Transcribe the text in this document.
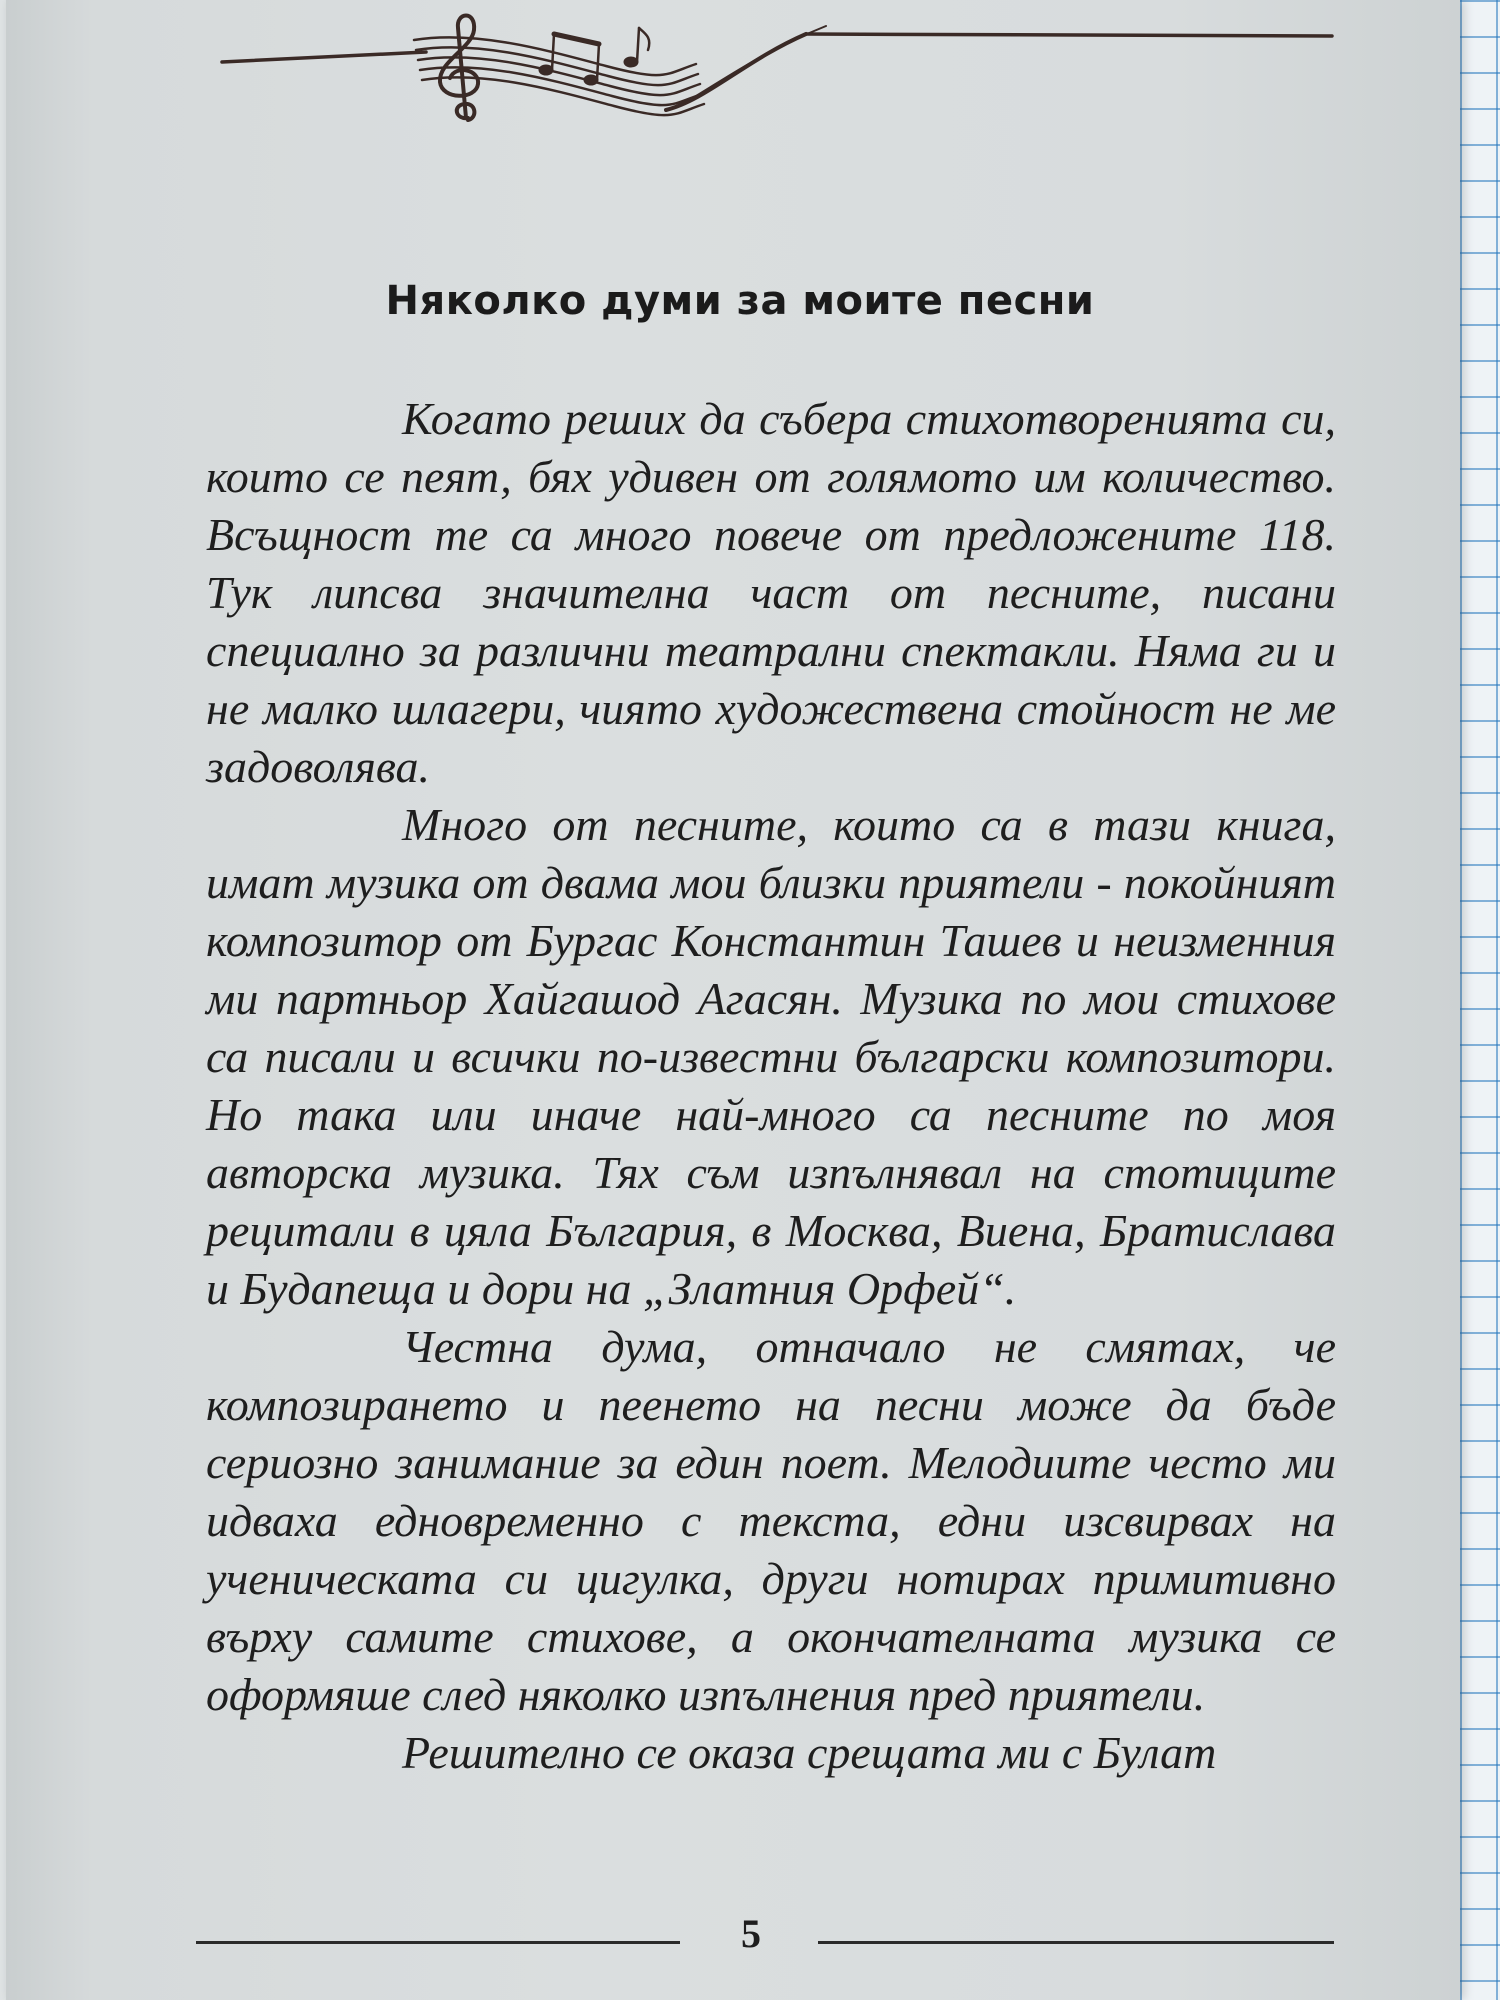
Няколко думи за моите песни

Когато реших да събера стихотворенията си, които се пеят, бях удивен от голямото им количество. Всъщност те са много повече от предложените 118. Тук липсва значителна част от песните, писани специално за различни театрални спектакли. Няма ги и не малко шлагери, чиято художествена стойност не ме задоволява.

Много от песните, които са в тази книга, имат музика от двама мои близки приятели - покойният композитор от Бургас Константин Ташев и неизменния ми партньор Хайгашод Агасян. Музика по мои стихове са писали и всички по-известни български композитори. Но така или иначе най-много са песните по моя авторска музика. Тях съм изпълнявал на стотиците рецитали в цяла България, в Москва, Виена, Братислава и Будапеща и дори на „Златния Орфей“.

Честна дума, отначало не смятах, че композирането и пеенето на песни може да бъде сериозно занимание за един поет. Мелодиите често ми идваха едновременно с текста, едни изсвирвах на ученическата си цигулка, други нотирах примитивно върху самите стихове, а окончателната музика се оформяше след няколко изпълнения пред приятели.

Решително се оказа срещата ми с Булат

5
